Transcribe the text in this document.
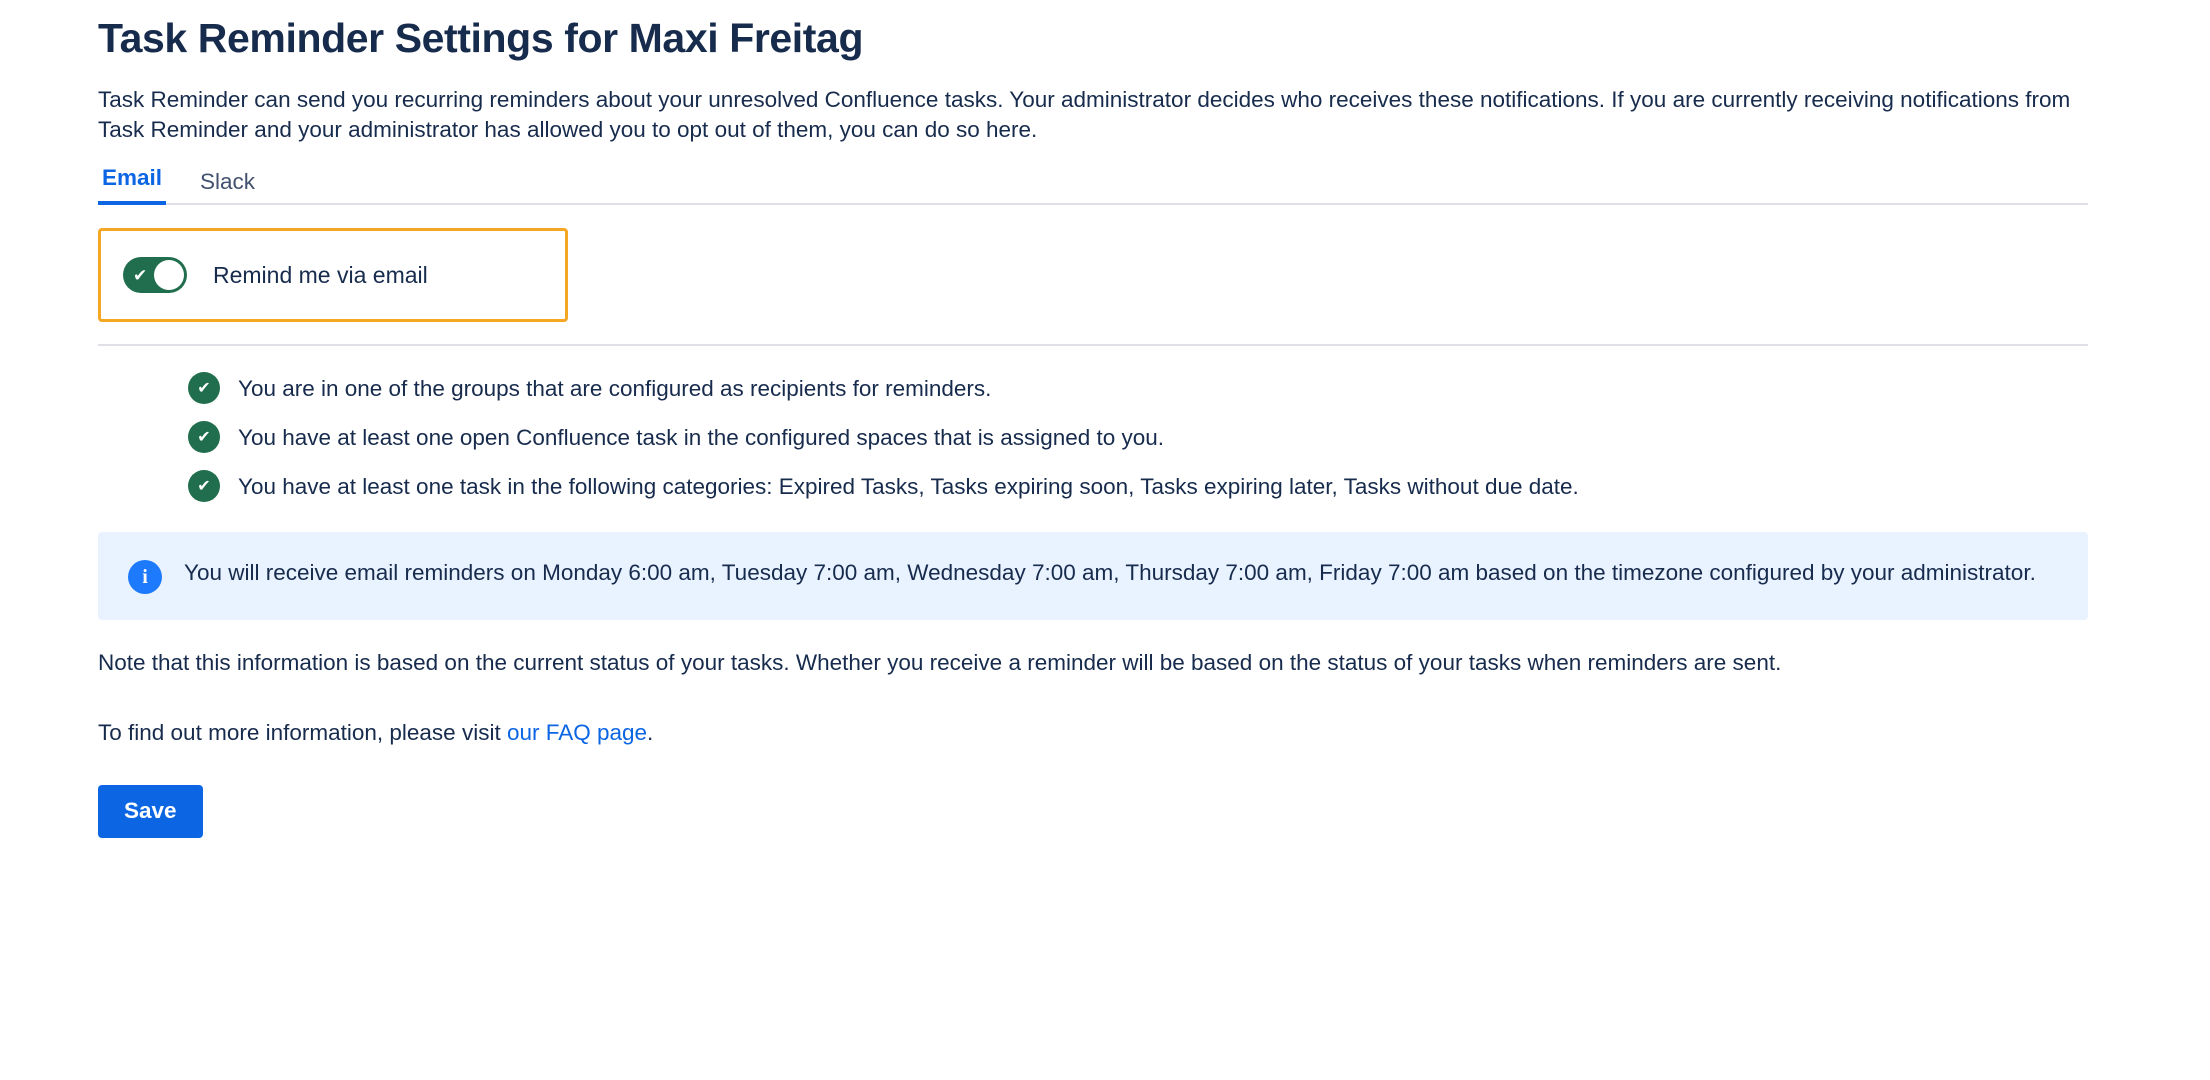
Task Reminder Settings for Maxi Freitag

Task Reminder can send you recurring reminders about your unresolved Confluence tasks. Your administrator decides who receives these notifications. If you are currently receiving notifications from Task Reminder and your administrator has allowed you to opt out of them, you can do so here.

Email Slack
✔	Remind me via email
✔	You are in one of the groups that are configured as recipients for reminders.
✔	You have at least one open Confluence task in the configured spaces that is assigned to you.
✔	You have at least one task in the following categories: Expired Tasks, Tasks expiring soon, Tasks expiring later, Tasks without due date.
i	You will receive email reminders on Monday 6:00 am, Tuesday 7:00 am, Wednesday 7:00 am, Thursday 7:00 am, Friday 7:00 am based on the timezone configured by your administrator.

Note that this information is based on the current status of your tasks. Whether you receive a reminder will be based on the status of your tasks when reminders are sent.

To find out more information, please visit our FAQ page.

Save
